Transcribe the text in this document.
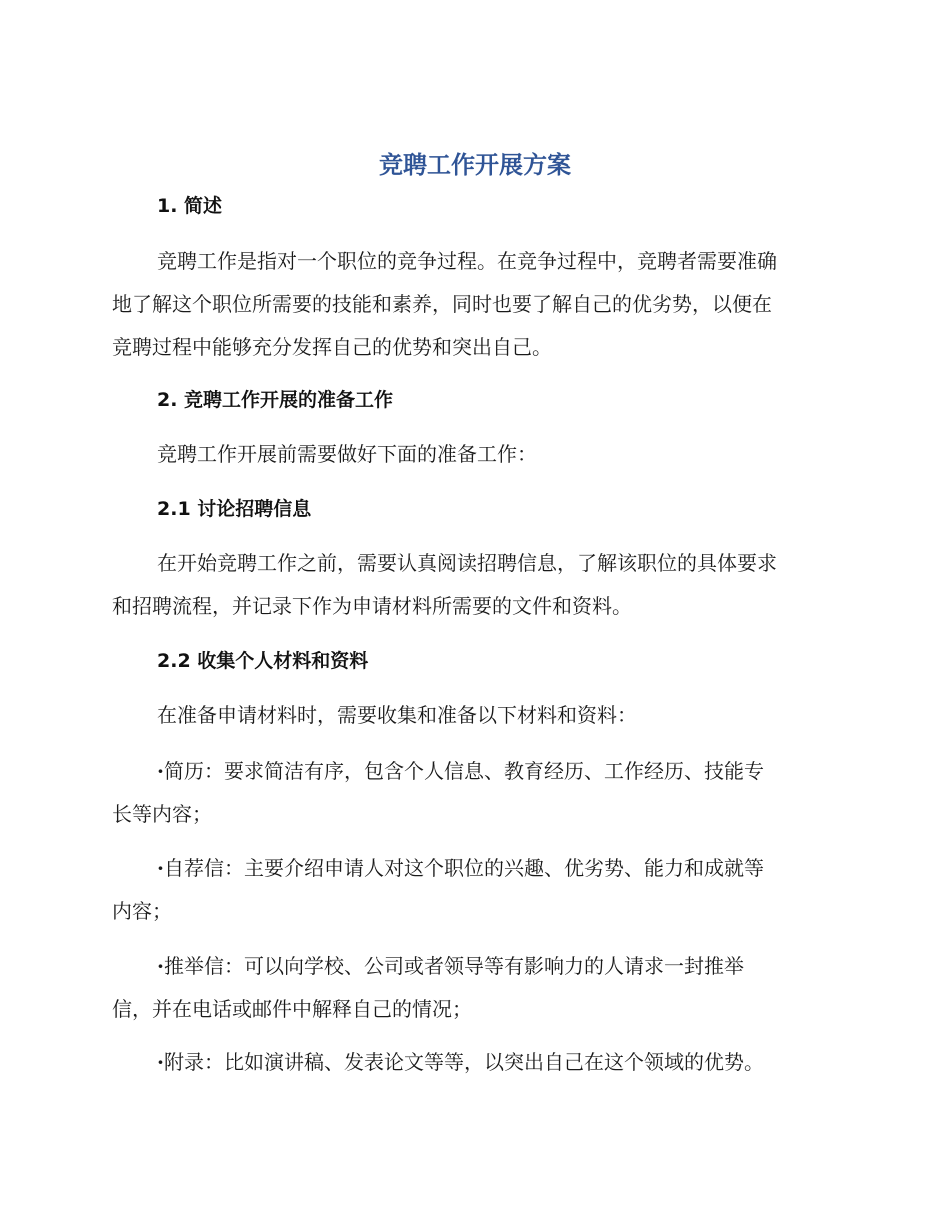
竞聘工作开展方案
1. 简述

竞聘工作是指对一个职位的竞争过程。在竞争过程中，竞聘者需要准确
地了解这个职位所需要的技能和素养，同时也要了解自己的优劣势，以便在
竞聘过程中能够充分发挥自己的优势和突出自己。

2. 竞聘工作开展的准备工作

竞聘工作开展前需要做好下面的准备工作：

2.1 讨论招聘信息

在开始竞聘工作之前，需要认真阅读招聘信息，了解该职位的具体要求
和招聘流程，并记录下作为申请材料所需要的文件和资料。

2.2 收集个人材料和资料

在准备申请材料时，需要收集和准备以下材料和资料：

·简历：要求简洁有序，包含个人信息、教育经历、工作经历、技能专
长等内容；

·自荐信：主要介绍申请人对这个职位的兴趣、优劣势、能力和成就等
内容；

·推举信：可以向学校、公司或者领导等有影响力的人请求一封推举
信，并在电话或邮件中解释自己的情况；

·附录：比如演讲稿、发表论文等等，以突出自己在这个领域的优势。
